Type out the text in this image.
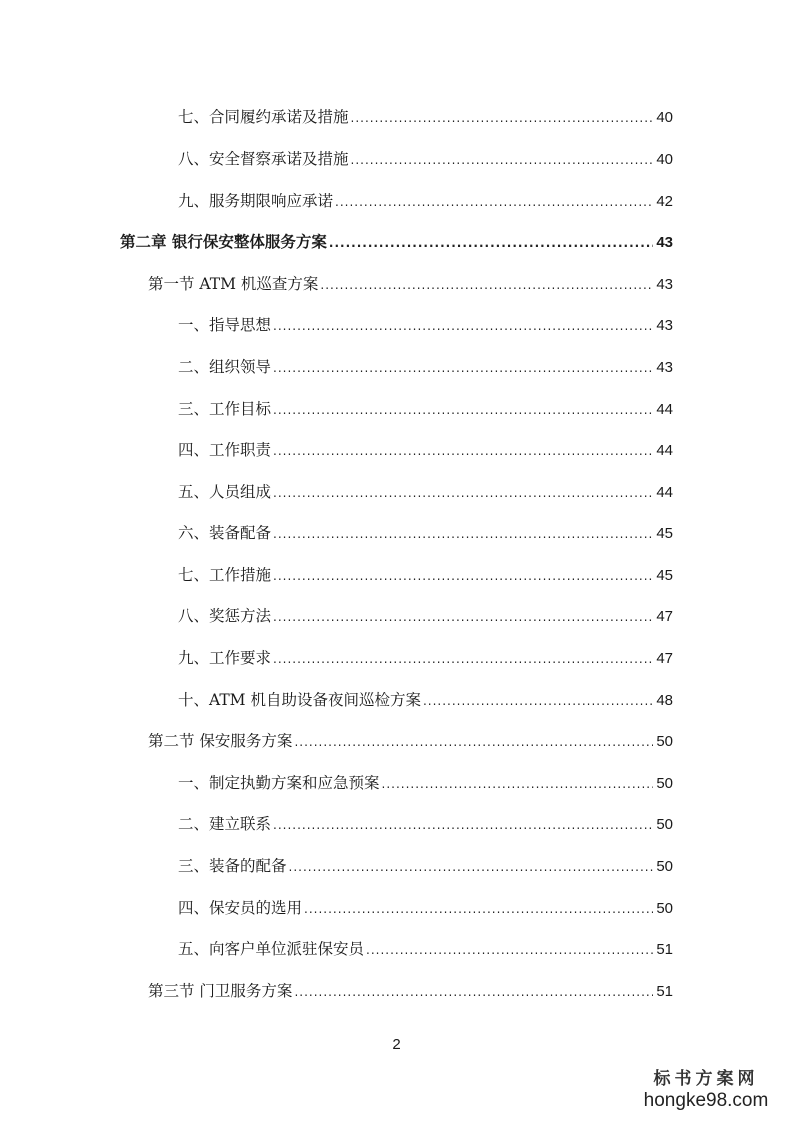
七、合同履约承诺及措施 .....	40
八、安全督察承诺及措施 .....	40
九、服务期限响应承诺 .....	42
第二章 银行保安整体服务方案 .....	43
第一节 ATM 机巡查方案 .....	43
一、指导思想 .....	43
二、组织领导 .....	43
三、工作目标 .....	44
四、工作职责 .....	44
五、人员组成 .....	44
六、装备配备 .....	45
七、工作措施 .....	45
八、奖惩方法 .....	47
九、工作要求 .....	47
十、ATM 机自助设备夜间巡检方案 .....	48
第二节 保安服务方案 .....	50
一、制定执勤方案和应急预案 .....	50
二、建立联系 .....	50
三、装备的配备 .....	50
四、保安员的选用 .....	50
五、向客户单位派驻保安员 .....	51
第三节 门卫服务方案 .....	51
2
标书方案网
hongke98.com
